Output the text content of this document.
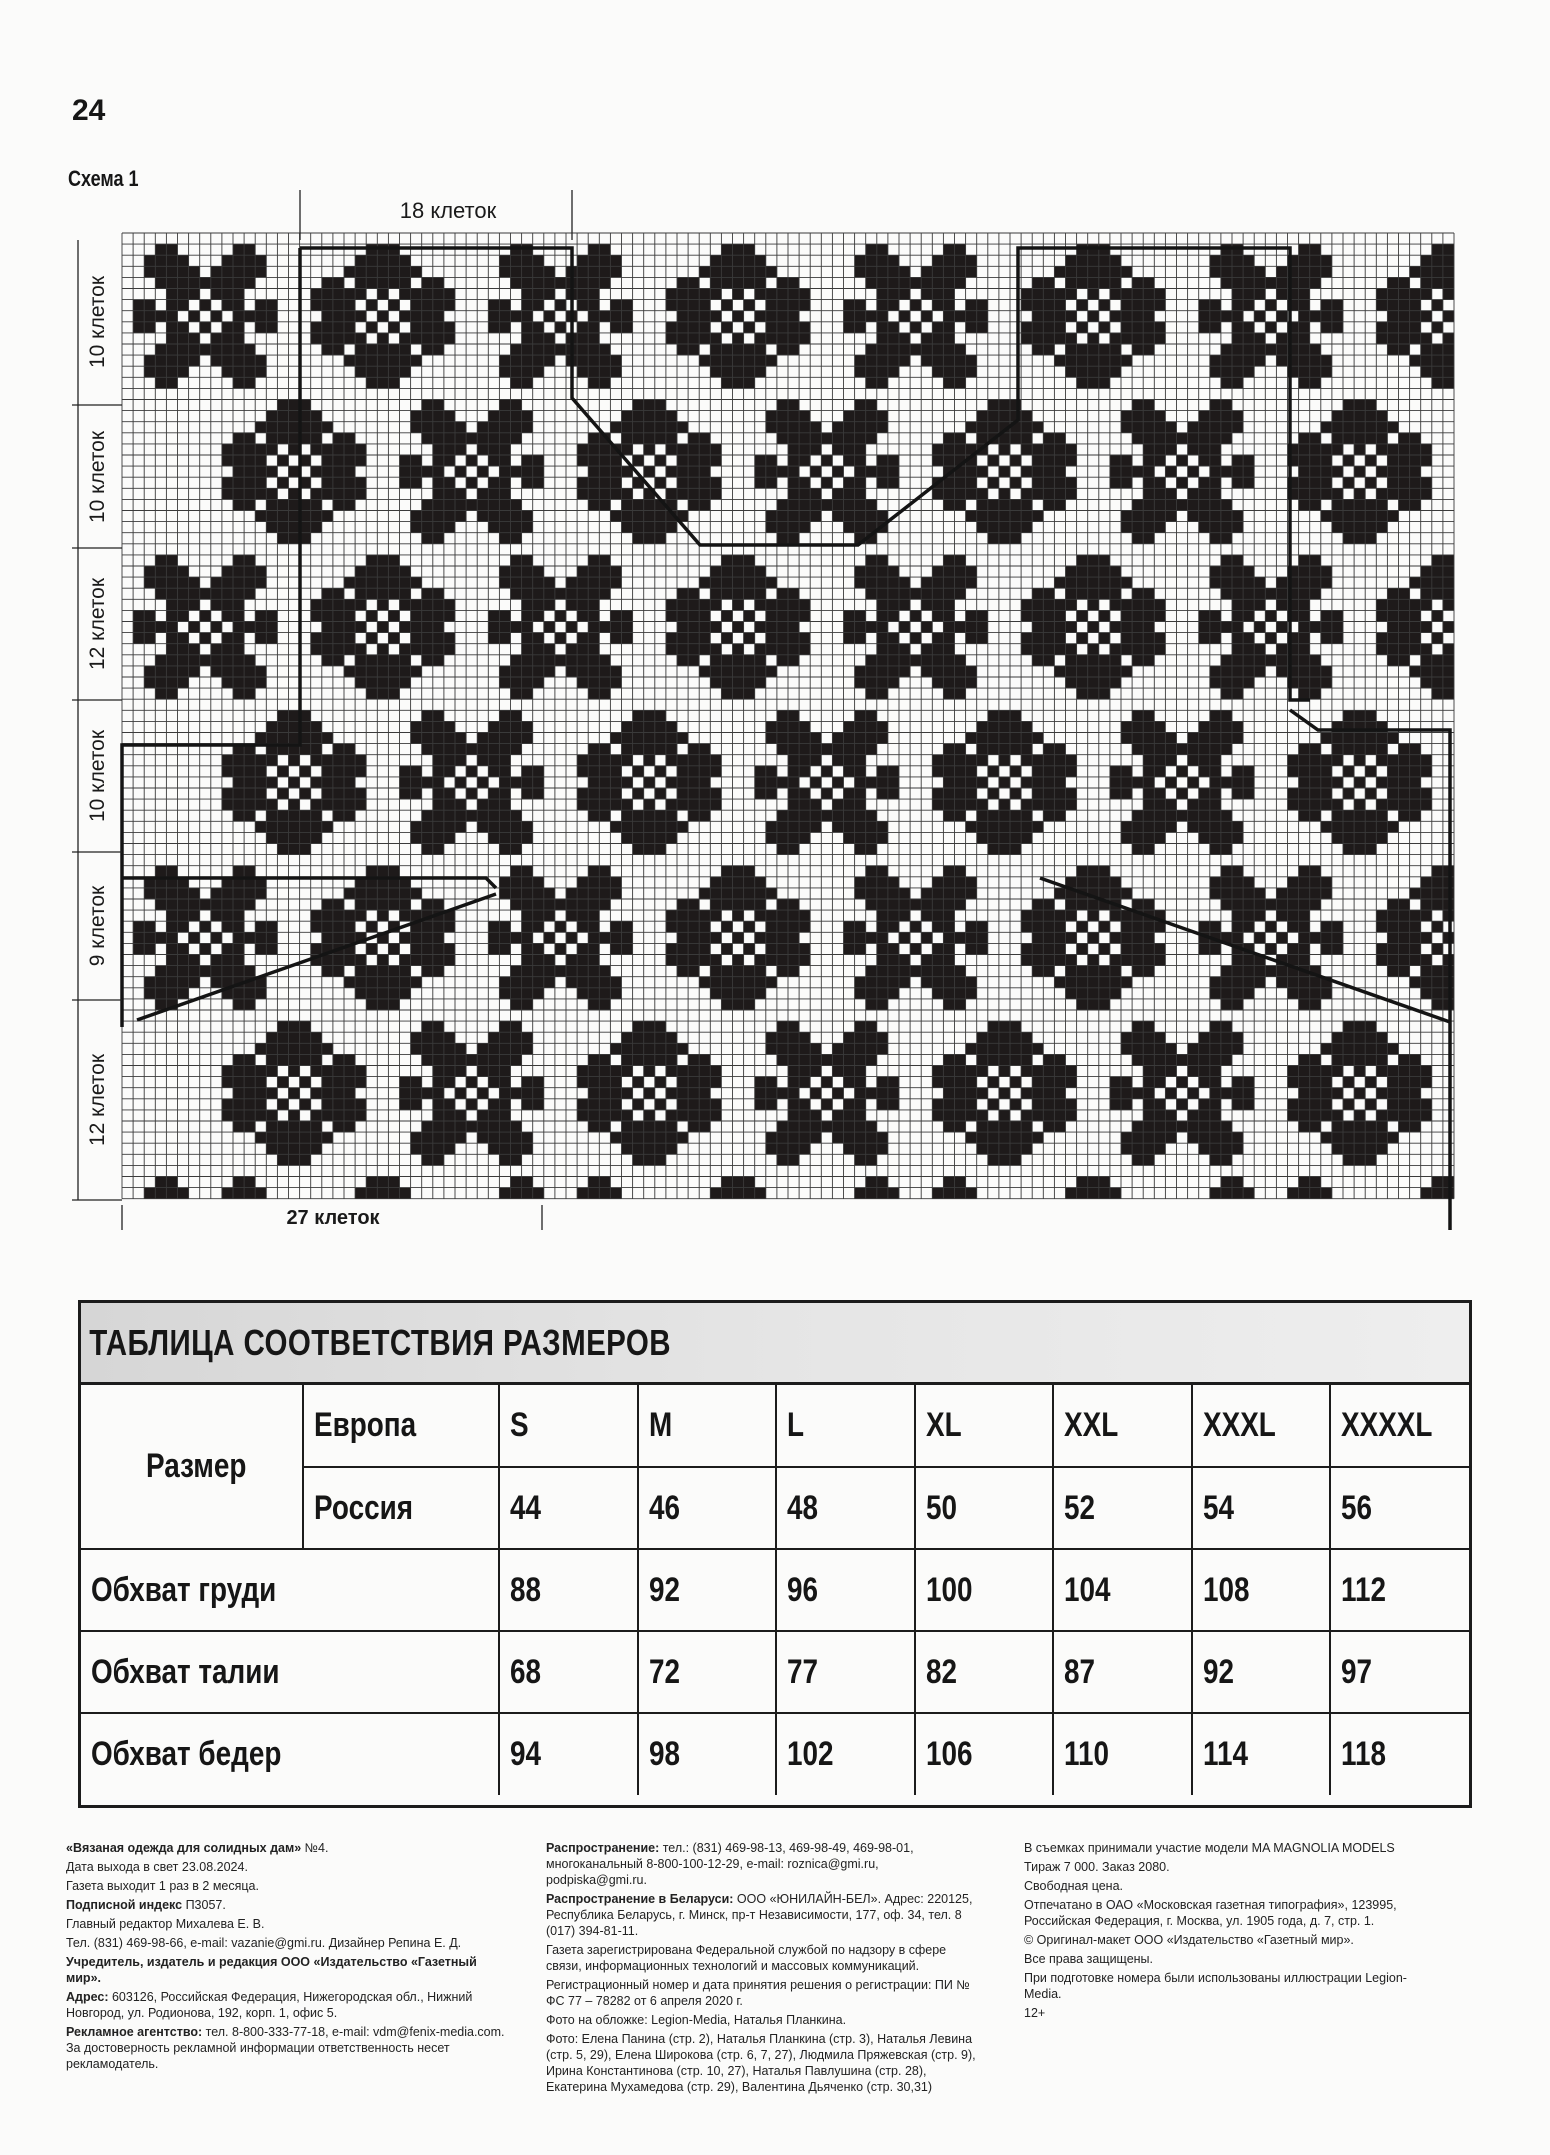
24
Схема 1
18 клеток
27 клеток
10 клеток
10 клеток
12 клеток
10 клеток
9 клеток
12 клеток
ТАБЛИЦА СООТВЕТСТВИЯ РАЗМЕРОВ
Размер	Европа	S	M	L	XL	XXL	XXXL	XXXXL
	Россия	44	46	48	50	52	54	56
Обхват груди		88	92	96	100	104	108	112
Обхват талии		68	72	77	82	87	92	97
Обхват бедер		94	98	102	106	110	114	118

«Вязаная одежда для солидных дам» №4.

Дата выхода в свет 23.08.2024.

Газета выходит 1 раз в 2 месяца.

Подписной индекс П3057.

Главный редактор Михалева Е. В.

Тел. (831) 469-98-66, e-mail: vazanie@gmi.ru. Дизайнер Репина Е. Д.

Учредитель, издатель и редакция ООО «Издательство «Газетный мир».

Адрес: 603126, Российская Федерация, Нижегородская обл., Нижний Новгород, ул. Родионова, 192, корп. 1, офис 5.

Рекламное агентство: тел. 8-800-333-77-18, e-mail: vdm@fenix-media.com.
За достоверность рекламной информации ответственность несет рекламодатель.

Распространение: тел.: (831) 469-98-13, 469-98-49, 469-98-01, многоканальный 8-800-100-12-29, e-mail: roznica@gmi.ru, podpiska@gmi.ru.

Распространение в Беларуси: ООО «ЮНИЛАЙН-БЕЛ». Адрес: 220125, Республика Беларусь, г. Минск, пр-т Независимости, 177, оф. 34, тел. 8 (017) 394-81-11.

Газета зарегистрирована Федеральной службой по надзору в сфере связи, информационных технологий и массовых коммуникаций.

Регистрационный номер и дата принятия решения о регистрации: ПИ № ФС 77 – 78282 от 6 апреля 2020 г.

Фото на обложке: Legion-Media, Наталья Планкина.

Фото: Елена Панина (стр. 2), Наталья Планкина (стр. 3), Наталья Левина (стр. 5, 29), Елена Широкова (стр. 6, 7, 27), Людмила Пряжевская (стр. 9), Ирина Константинова (стр. 10, 27), Наталья Павлушина (стр. 28), Екатерина Мухамедова (стр. 29), Валентина Дьяченко (стр. 30,31)

В съемках принимали участие модели MA MAGNOLIA MODELS

Тираж 7 000. Заказ 2080.

Свободная цена.

Отпечатано в ОАО «Московская газетная типография», 123995, Российская Федерация, г. Москва, ул. 1905 года, д. 7, стр. 1.

© Оригинал-макет ООО «Издательство «Газетный мир».

Все права защищены.

При подготовке номера были использованы иллюстрации Legion-Media.

12+
